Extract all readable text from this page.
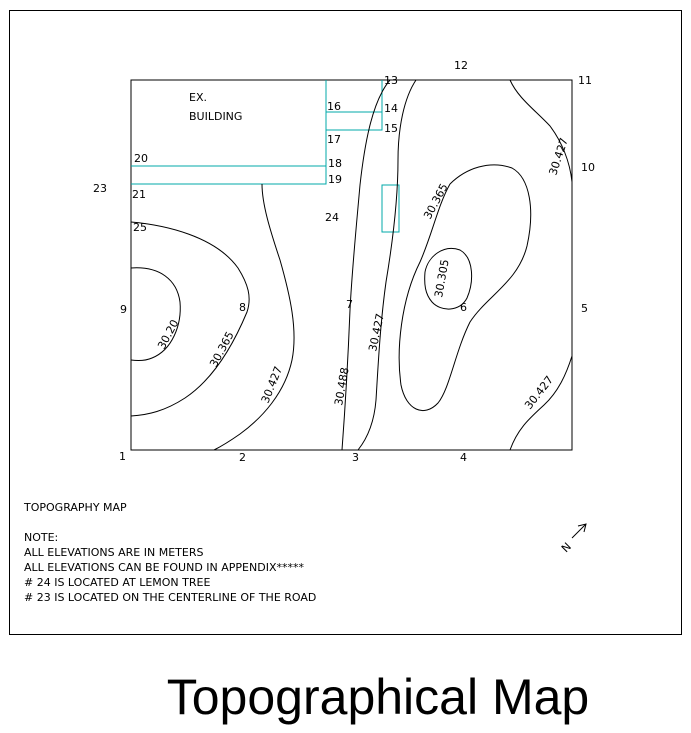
30.20 30.365
30.427	30.488
30.427
30.365
30.305
30.427
30.427
EX.
BUILDING
1	2	3	4
5
6
7
8
9
10
11
12
13
14
15
16
17
18
19
20
21
23
24
25
N
TOPOGRAPHY MAP
NOTE:
ALL ELEVATIONS ARE IN METERS
ALL ELEVATIONS CAN BE FOUND IN APPENDIX*****
# 24 IS LOCATED AT LEMON TREE
# 23 IS LOCATED ON THE CENTERLINE OF THE ROAD
Topographical Map
